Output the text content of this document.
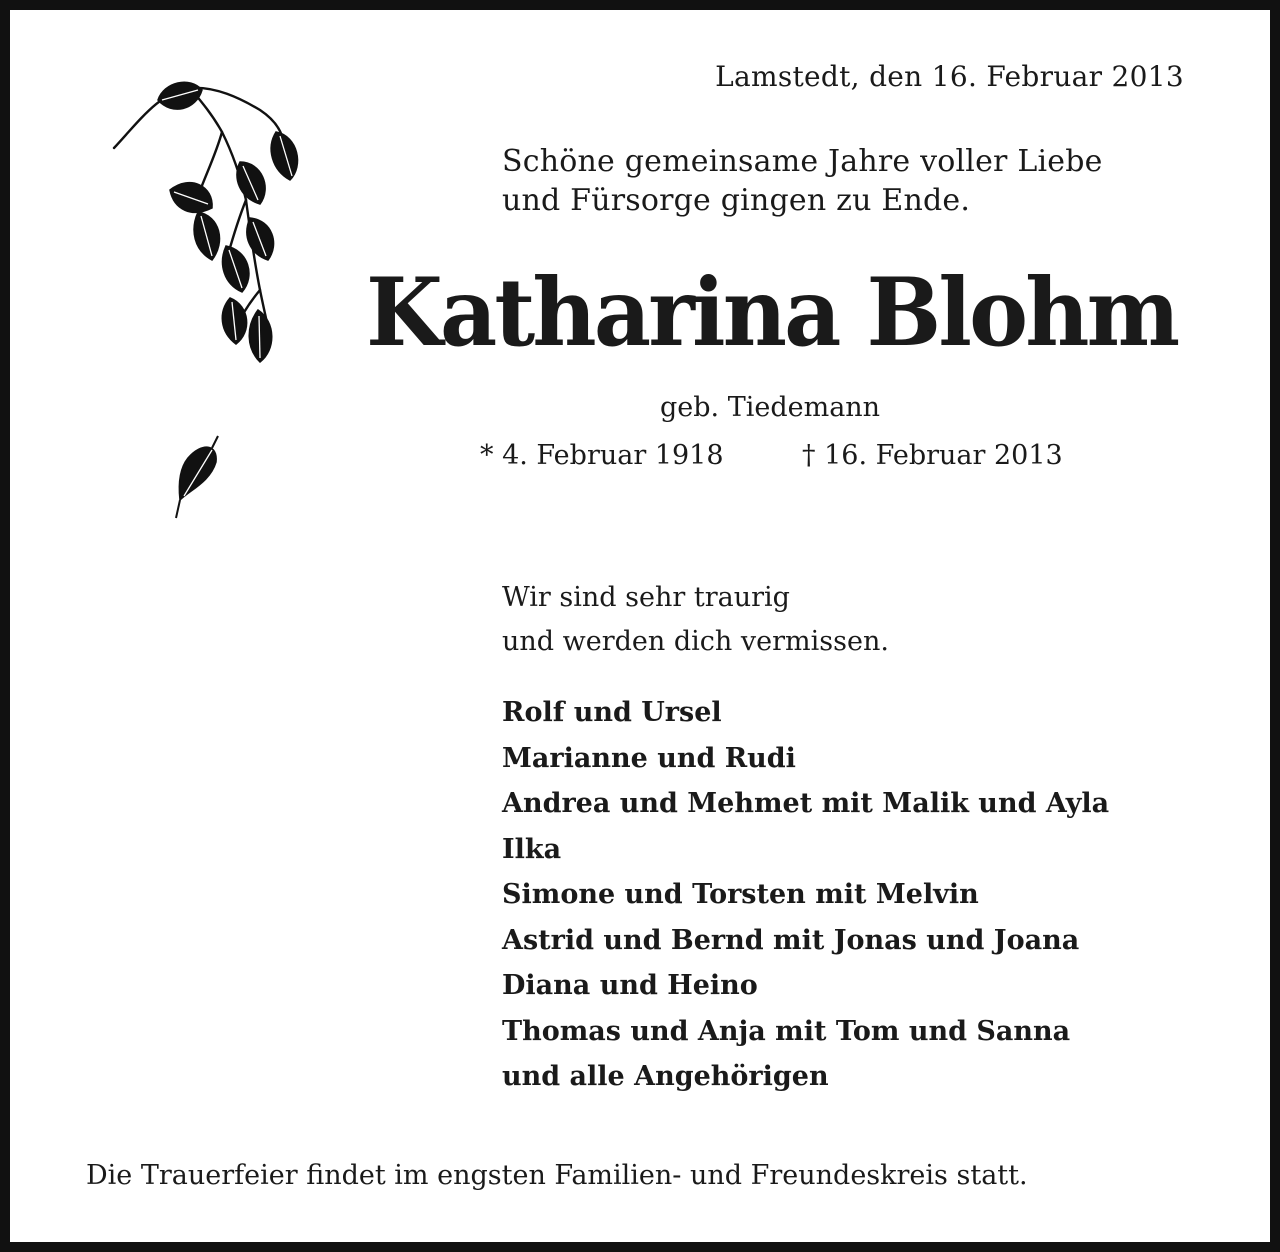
Lamstedt, den 16. Februar 2013
Schöne gemeinsame Jahre voller Liebe
und Fürsorge gingen zu Ende.
Katharina Blohm
geb. Tiedemann
* 4. Februar 1918	† 16. Februar 2013
Wir sind sehr traurig
und werden dich vermissen.
Rolf und Ursel
Marianne und Rudi
Andrea und Mehmet mit Malik und Ayla
Ilka
Simone und Torsten mit Melvin
Astrid und Bernd mit Jonas und Joana
Diana und Heino
Thomas und Anja mit Tom und Sanna
und alle Angehörigen
Die Trauerfeier findet im engsten Familien- und Freundeskreis statt.
